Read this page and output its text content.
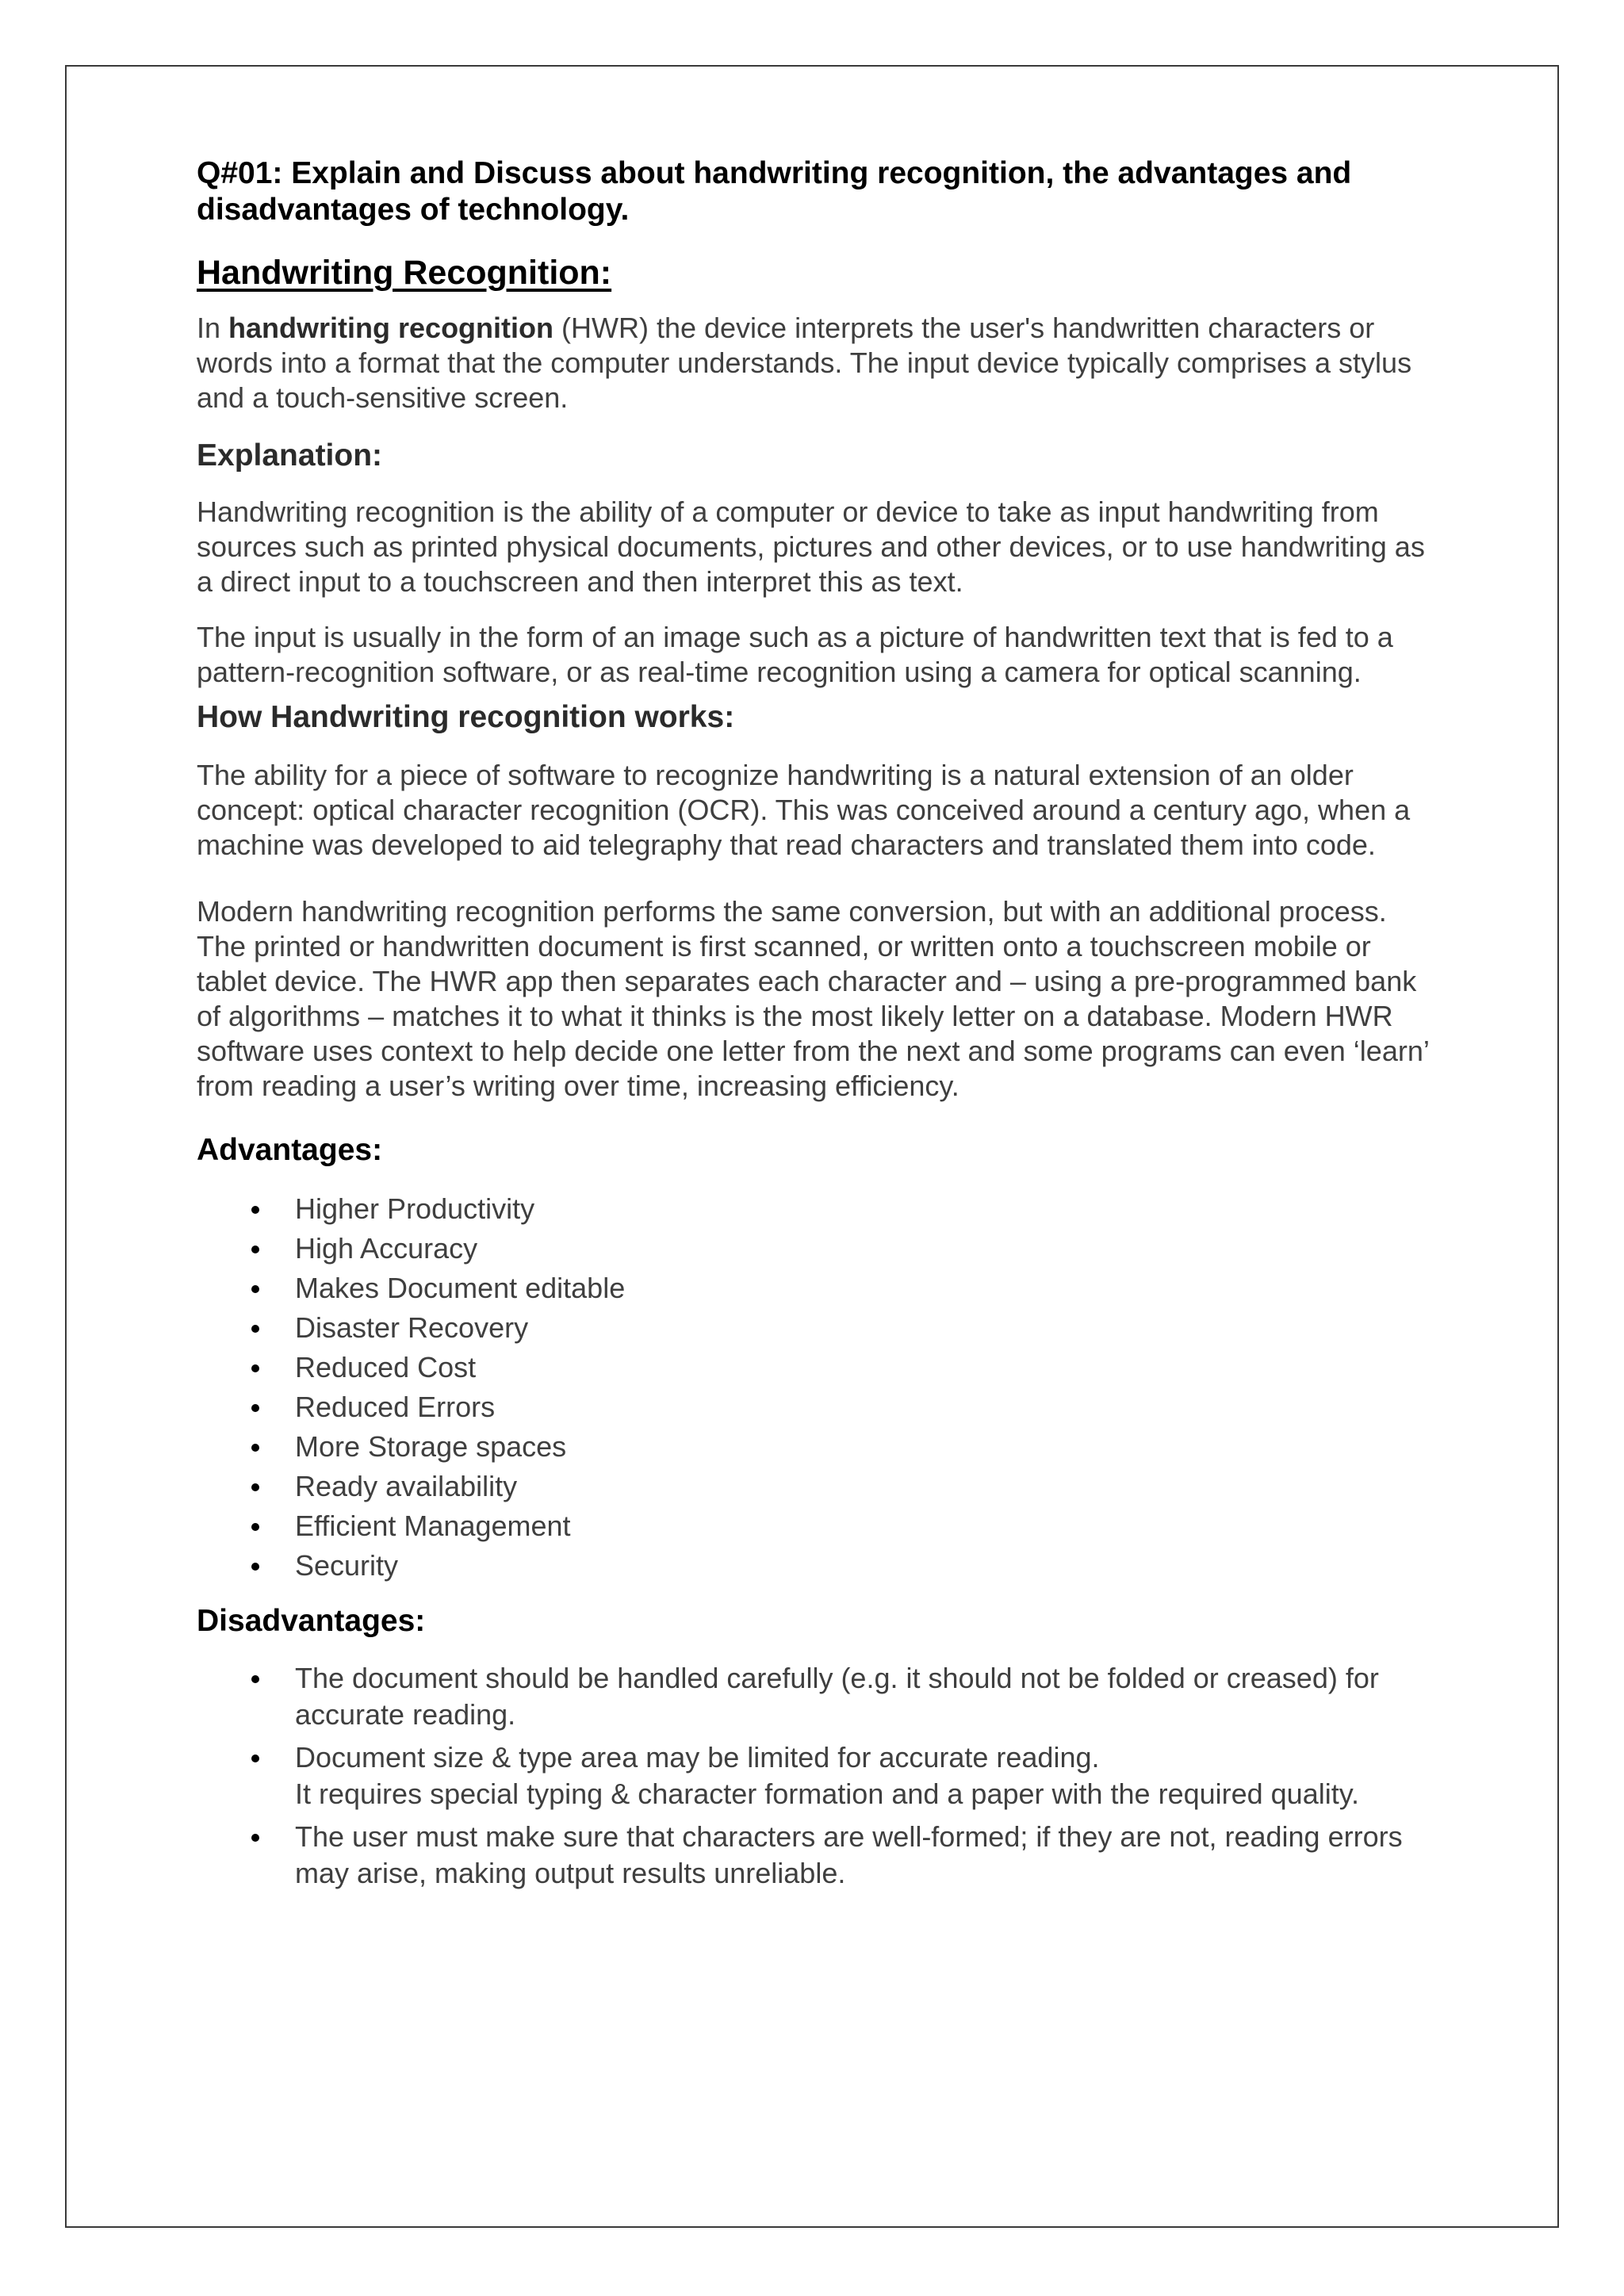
Q#01: Explain and Discuss about handwriting recognition, the advantages and disadvantages of technology.

Handwriting Recognition:

In handwriting recognition (HWR) the device interprets the user's handwritten characters or words into a format that the computer understands. The input device typically comprises a stylus and a touch-sensitive screen.

Explanation:

Handwriting recognition is the ability of a computer or device to take as input handwriting from sources such as printed physical documents, pictures and other devices, or to use handwriting as a direct input to a touchscreen and then interpret this as text.

The input is usually in the form of an image such as a picture of handwritten text that is fed to a pattern-recognition software, or as real-time recognition using a camera for optical scanning.

How Handwriting recognition works:

The ability for a piece of software to recognize handwriting is a natural extension of an older concept: optical character recognition (OCR). This was conceived around a century ago, when a machine was developed to aid telegraphy that read characters and translated them into code.

Modern handwriting recognition performs the same conversion, but with an additional process. The printed or handwritten document is first scanned, or written onto a touchscreen mobile or tablet device. The HWR app then separates each character and – using a pre-programmed bank of algorithms – matches it to what it thinks is the most likely letter on a database. Modern HWR software uses context to help decide one letter from the next and some programs can even ‘learn’ from reading a user’s writing over time, increasing efficiency.

Advantages:
Higher Productivity
High Accuracy
Makes Document editable
Disaster Recovery
Reduced Cost
Reduced Errors
More Storage spaces
Ready availability
Efficient Management
Security
Disadvantages:
The document should be handled carefully (e.g. it should not be folded or creased) for accurate reading.
Document size & type area may be limited for accurate reading.
It requires special typing & character formation and a paper with the required quality.
The user must make sure that characters are well-formed; if they are not, reading errors may arise, making output results unreliable.
